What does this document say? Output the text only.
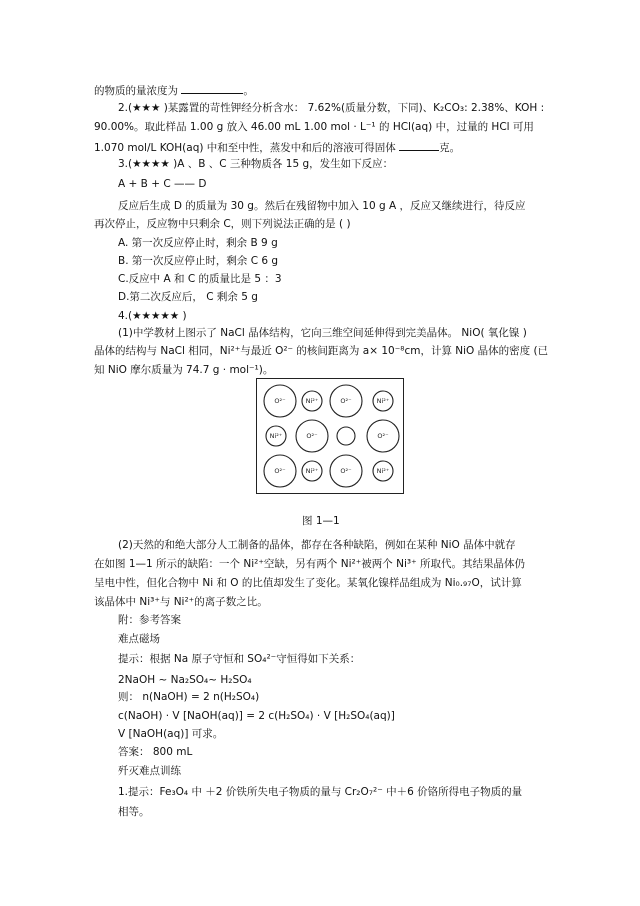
的物质的量浓度为	。
2.(★★★ )某露置的苛性钾经分析含水： 7.62%(质量分数，下同)、K₂CO₃: 2.38%、KOH :
90.00%。取此样品 1.00 g 放入 46.00 mL 1.00 mol · L⁻¹ 的 HCl(aq) 中，过量的 HCl 可用
1.070 mol/L KOH(aq) 中和至中性，蒸发中和后的溶液可得固体	克。
3.(★★★★ )A 、B 、C 三种物质各 15 g，发生如下反应：
A + B + C —— D
反应后生成 D 的质量为 30 g。然后在残留物中加入 10 g A ，反应又继续进行，待反应
再次停止，反应物中只剩余 C，则下列说法正确的是 ( )
A. 第一次反应停止时，剩余 B 9 g
B. 第一次反应停止时，剩余 C 6 g
C.反应中 A 和 C 的质量比是 5 ：3
D.第二次反应后， C 剩余 5 g
4.(★★★★★ )
(1)中学教材上图示了 NaCl 晶体结构，它向三维空间延伸得到完美晶体。 NiO( 氧化镍 )
晶体的结构与 NaCl 相同，Ni²⁺与最近 O²⁻ 的核间距离为 a× 10⁻⁸cm，计算 NiO 晶体的密度 (已
知 NiO 摩尔质量为 74.7 g · mol⁻¹)。
O²⁻	Ni²⁺	O²⁻	Ni²⁺
Ni²⁺	O²⁻	O²⁻
O²⁻	Ni²⁺	O²⁻	Ni²⁺
图 1—1
(2)天然的和绝大部分人工制备的晶体，都存在各种缺陷，例如在某种 NiO 晶体中就存
在如图 1—1 所示的缺陷：一个 Ni²⁺空缺，另有两个 Ni²⁺被两个 Ni³⁺ 所取代。其结果晶体仍
呈电中性，但化合物中 Ni 和 O 的比值却发生了变化。某氧化镍样品组成为 Ni₀.₉₇O，试计算
该晶体中 Ni³⁺与 Ni²⁺的离子数之比。
附：参考答案
难点磁场
提示：根据 Na 原子守恒和 SO₄²⁻守恒得如下关系：
2NaOH ~ Na₂SO₄~ H₂SO₄
则： n(NaOH) = 2 n(H₂SO₄)
c(NaOH) · V [NaOH(aq)] = 2 c(H₂SO₄) · V [H₂SO₄(aq)]
V [NaOH(aq)] 可求。
答案： 800 mL
歼灭难点训练
1.提示：Fe₃O₄ 中 ＋2 价铁所失电子物质的量与 Cr₂O₇²⁻ 中＋6 价铬所得电子物质的量
相等。
